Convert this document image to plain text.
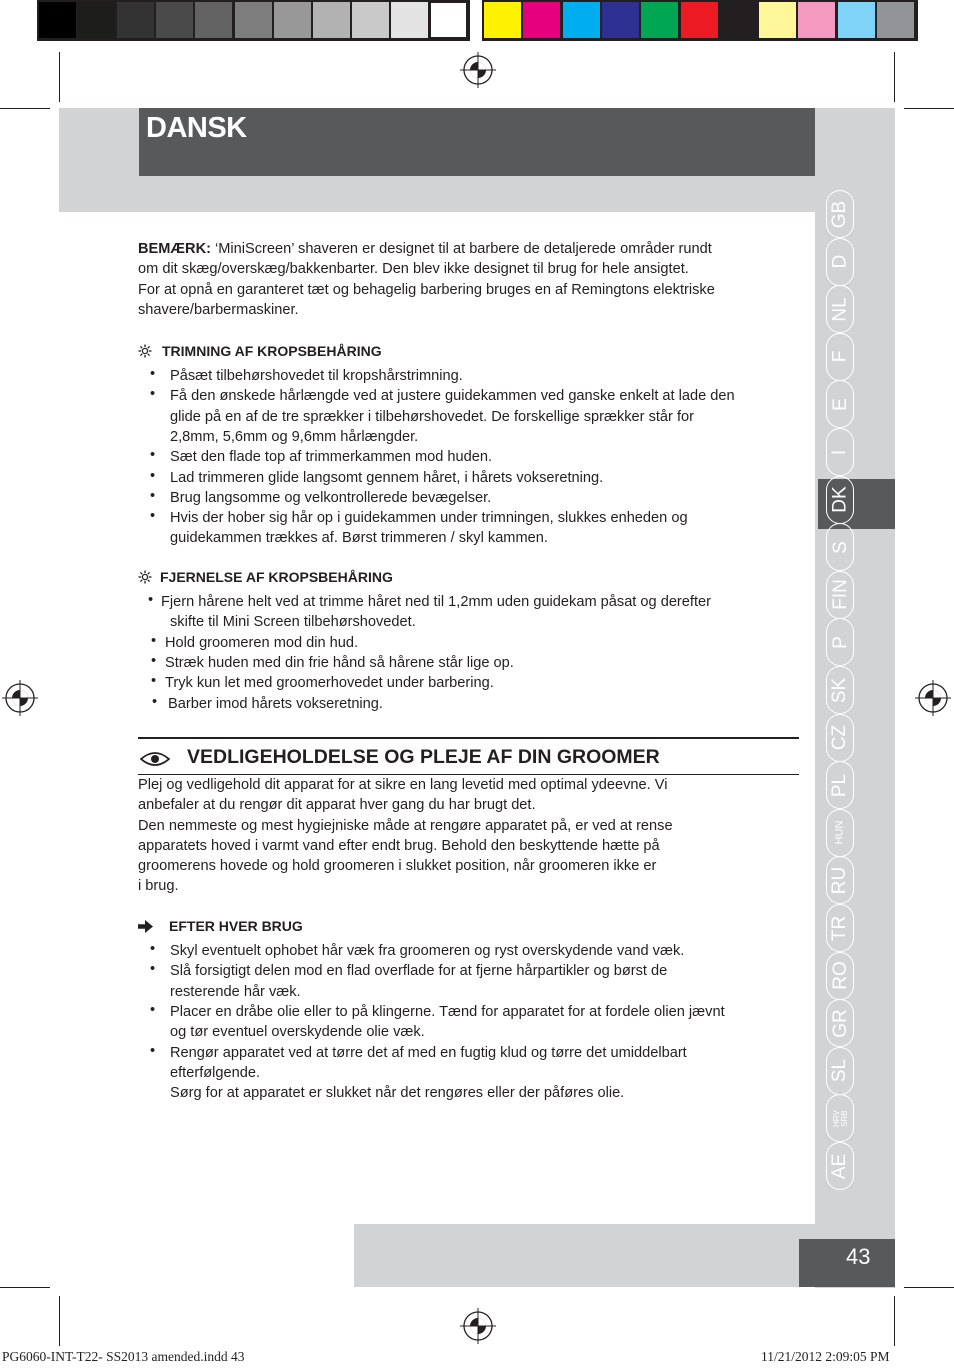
DANSK
GB
D
NL
F
E
I
DK
S
FIN
P
SK
CZ
PL
HUN
RU
TR
RO
GR
SL
HRV
SRB
AE
BEMÆRK: ‘MiniScreen’ shaveren er designet til at barbere de detaljerede områder rundt
om dit skæg/overskæg/bakkenbarter. Den blev ikke designet til brug for hele ansigtet.
For at opnå en garanteret tæt og behagelig barbering bruges en af Remingtons elektriske
shavere/barbermaskiner.
TRIMNING AF KROPSBEHÅRING
• Påsæt tilbehørshovedet til kropshårstrimning.
• Få den ønskede hårlængde ved at justere guidekammen ved ganske enkelt at lade den
glide på en af de tre sprækker i tilbehørshovedet. De forskellige sprækker står for
2,8mm, 5,6mm og 9,6mm hårlængder.
• Sæt den flade top af trimmerkammen mod huden.
• Lad trimmeren glide langsomt gennem håret, i hårets vokseretning.
• Brug langsomme og velkontrollerede bevægelser.
• Hvis der hober sig hår op i guidekammen under trimningen, slukkes enheden og
guidekammen trækkes af. Børst trimmeren / skyl kammen.
FJERNELSE AF KROPSBEHÅRING
• Fjern hårene helt ved at trimme håret ned til 1,2mm uden guidekam påsat og derefter
skifte til Mini Screen tilbehørshovedet.
• Hold groomeren mod din hud.
• Stræk huden med din frie hånd så hårene står lige op.
• Tryk kun let med groomerhovedet under barbering.
• Barber imod hårets vokseretning.
VEDLIGEHOLDELSE OG PLEJE AF DIN GROOMER
Plej og vedligehold dit apparat for at sikre en lang levetid med optimal ydeevne. Vi
anbefaler at du rengør dit apparat hver gang du har brugt det.
Den nemmeste og mest hygiejniske måde at rengøre apparatet på, er ved at rense
apparatets hoved i varmt vand efter endt brug. Behold den beskyttende hætte på
groomerens hovede og hold groomeren i slukket position, når groomeren ikke er
i brug.
EFTER HVER BRUG
• Skyl eventuelt ophobet hår væk fra groomeren og ryst overskydende vand væk.
• Slå forsigtigt delen mod en flad overflade for at fjerne hårpartikler og børst de
resterende hår væk.
• Placer en dråbe olie eller to på klingerne. Tænd for apparatet for at fordele olien jævnt
og tør eventuel overskydende olie væk.
• Rengør apparatet ved at tørre det af med en fugtig klud og tørre det umiddelbart
efterfølgende.
Sørg for at apparatet er slukket når det rengøres eller der påføres olie.
43
PG6060-INT-T22- SS2013 amended.indd 43	11/21/2012 2:09:05 PM
